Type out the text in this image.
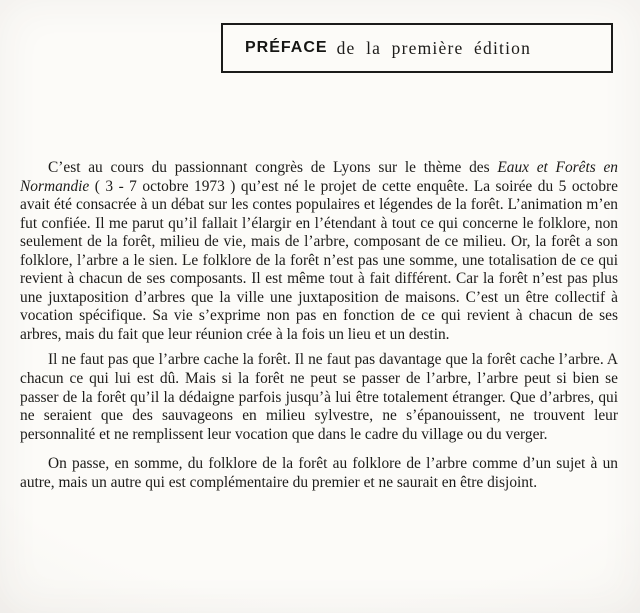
PRÉFACE de la première édition

C’est au cours du passionnant congrès de Lyons sur le thème des Eaux et Forêts en Normandie ( 3 - 7 octobre 1973 ) qu’est né le projet de cette enquête. La soirée du 5 octobre avait été consacrée à un débat sur les contes populaires et légendes de la forêt. L’animation m’en fut confiée. Il me parut qu’il fallait l’élargir en l’étendant à tout ce qui concerne le folklore, non seulement de la forêt, milieu de vie, mais de l’arbre, composant de ce milieu. Or, la forêt a son folklore, l’arbre a le sien. Le folklore de la forêt n’est pas une somme, une totalisation de ce qui revient à chacun de ses composants. Il est même tout à fait différent. Car la forêt n’est pas plus une juxtaposition d’arbres que la ville une juxtaposition de maisons. C’est un être collectif à vocation spécifique. Sa vie s’exprime non pas en fonction de ce qui revient à chacun de ses arbres, mais du fait que leur réunion crée à la fois un lieu et un destin.

Il ne faut pas que l’arbre cache la forêt. Il ne faut pas davantage que la forêt cache l’arbre. A chacun ce qui lui est dû. Mais si la forêt ne peut se passer de l’arbre, l’arbre peut si bien se passer de la forêt qu’il la dédaigne parfois jusqu’à lui être totalement étranger. Que d’arbres, qui ne seraient que des sauvageons en milieu sylvestre, ne s’épanouissent, ne trouvent leur personnalité et ne remplissent leur vocation que dans le cadre du village ou du verger.

On passe, en somme, du folklore de la forêt au folklore de l’arbre comme d’un sujet à un autre, mais un autre qui est complémentaire du premier et ne saurait en être disjoint.
